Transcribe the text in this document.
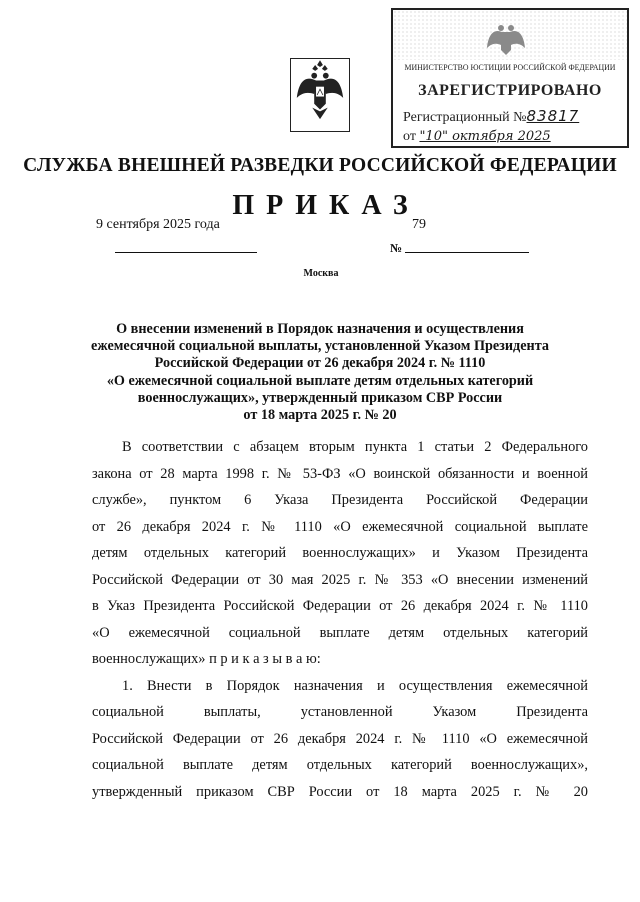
МИНИСТЕРСТВО ЮСТИЦИИ РОССИЙСКОЙ ФЕДЕРАЦИИ
ЗАРЕГИСТРИРОВАНО
Регистрационный №83817
от "10" октября 2025
СЛУЖБА ВНЕШНЕЙ РАЗВЕДКИ РОССИЙСКОЙ ФЕДЕРАЦИИ
ПРИКАЗ
9 сентября 2025 года	79
№
Москва
О внесении изменений в Порядок назначения и осуществления
ежемесячной социальной выплаты, установленной Указом Президента
Российской Федерации от 26 декабря 2024 г. № 1110
«О ежемесячной социальной выплате детям отдельных категорий
военнослужащих», утвержденный приказом СВР России
от 18 марта 2025 г. № 20
В соответствии с абзацем вторым пункта 1 статьи 2 Федерального
закона от 28 марта 1998 г. № 53-ФЗ «О воинской обязанности и военной
службе», пунктом 6 Указа Президента Российской Федерации
от 26 декабря 2024 г. № 1110 «О ежемесячной социальной выплате
детям отдельных категорий военнослужащих» и Указом Президента
Российской Федерации от 30 мая 2025 г. № 353 «О внесении изменений
в Указ Президента Российской Федерации от 26 декабря 2024 г. № 1110
«О ежемесячной социальной выплате детям отдельных категорий
военнослужащих» п р и к а з ы в а ю:
1. Внести в Порядок назначения и осуществления ежемесячной
социальной выплаты, установленной Указом Президента
Российской Федерации от 26 декабря 2024 г. № 1110 «О ежемесячной
социальной выплате детям отдельных категорий военнослужащих»,
утвержденный приказом СВР России от 18 марта 2025 г. № 20
